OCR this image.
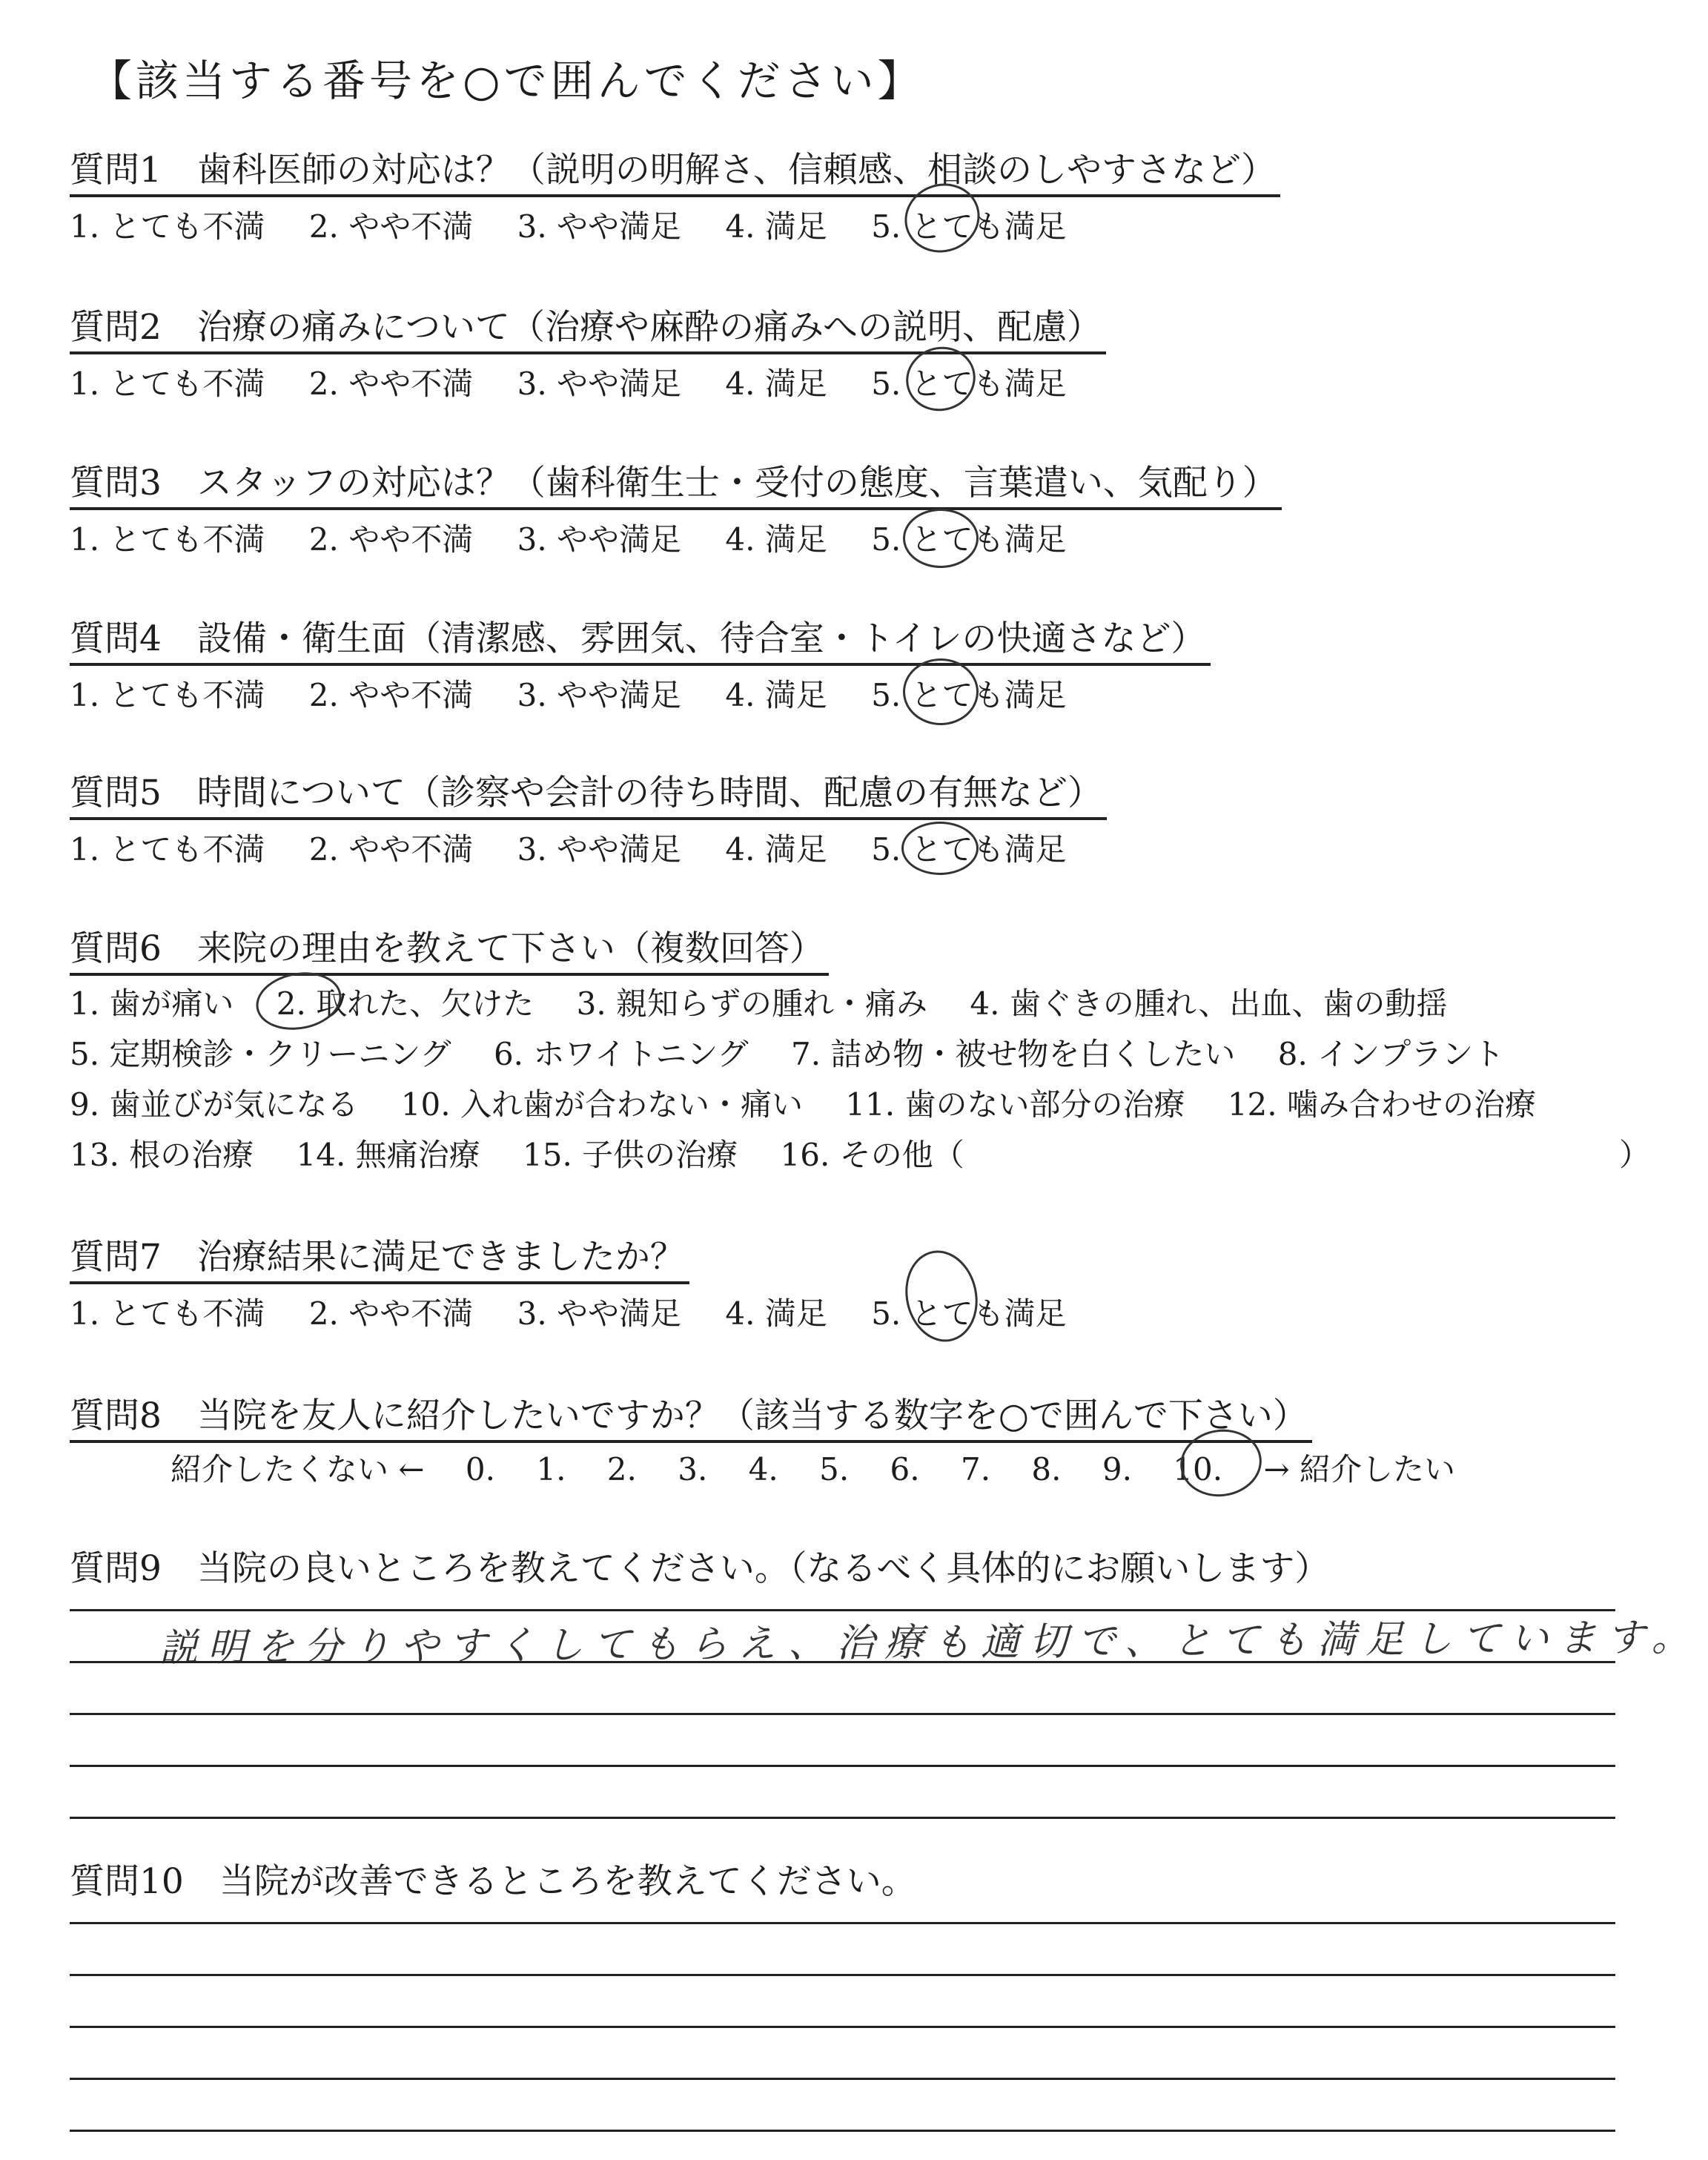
【該当する番号を○で囲んでください】
質問1 歯科医師の対応は？（説明の明解さ、信頼感、相談のしやすさなど）
1. とても不満 2. やや不満 3. やや満足 4. 満足 5. とても満足
質問2 治療の痛みについて（治療や麻酔の痛みへの説明、配慮）
1. とても不満 2. やや不満 3. やや満足 4. 満足 5. とても満足
質問3 スタッフの対応は？（歯科衛生士・受付の態度、言葉遣い、気配り）
1. とても不満 2. やや不満 3. やや満足 4. 満足 5. とても満足
質問4 設備・衛生面（清潔感、雰囲気、待合室・トイレの快適さなど）
1. とても不満 2. やや不満 3. やや満足 4. 満足 5. とても満足
質問5 時間について（診察や会計の待ち時間、配慮の有無など）
1. とても不満 2. やや不満 3. やや満足 4. 満足 5. とても満足
質問6 来院の理由を教えて下さい（複数回答）
1. 歯が痛い 2. 取れた、欠けた 3. 親知らずの腫れ・痛み 4. 歯ぐきの腫れ、出血、歯の動揺
5. 定期検診・クリーニング 6. ホワイトニング 7. 詰め物・被せ物を白くしたい 8. インプラント
9. 歯並びが気になる 10. 入れ歯が合わない・痛い 11. 歯のない部分の治療 12. 噛み合わせの治療
13. 根の治療 14. 無痛治療 15. 子供の治療 16. その他（	）
質問7 治療結果に満足できましたか？
1. とても不満 2. やや不満 3. やや満足 4. 満足 5. とても満足
質問8 当院を友人に紹介したいですか？（該当する数字を○で囲んで下さい）
紹介したくない ← 0. 1. 2. 3. 4. 5. 6. 7. 8. 9. 10. → 紹介したい
質問9 当院の良いところを教えてください。（なるべく具体的にお願いします）
説明を分りやすくしてもらえ、治療も適切で、とても満足しています。
質問10 当院が改善できるところを教えてください。
